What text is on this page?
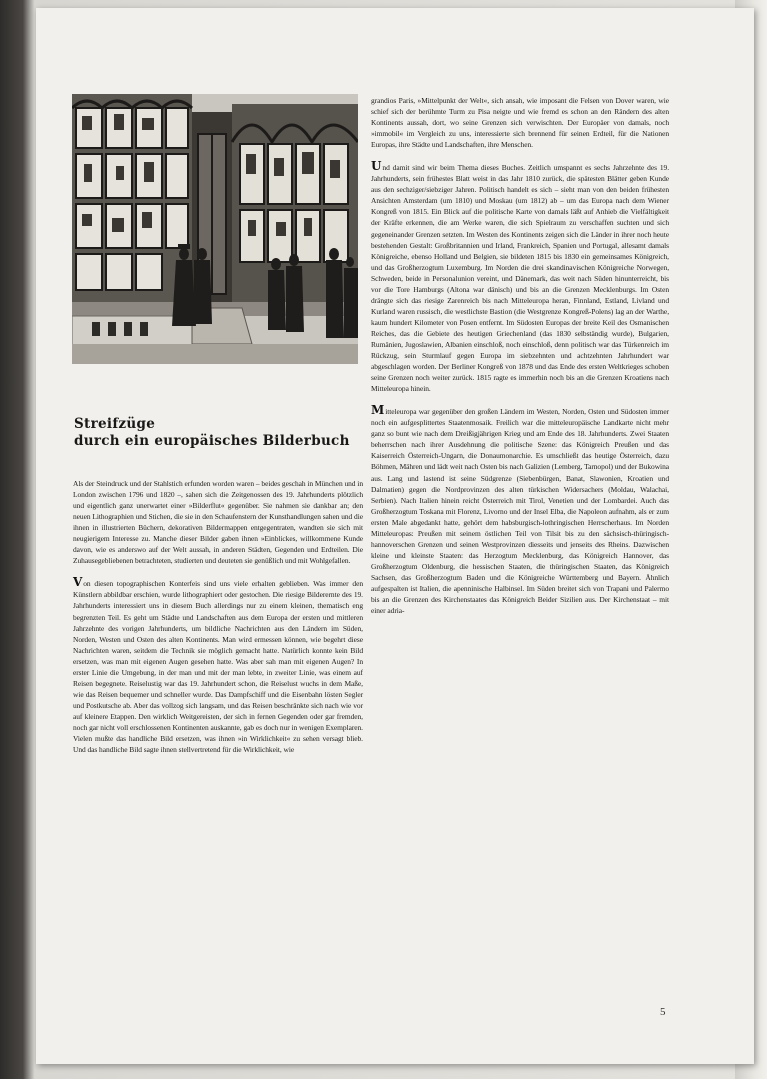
Streifzüge
durch ein europäisches Bilderbuch

Als der Steindruck und der Stahlstich erfunden worden waren – beides geschah in München und in London zwischen 1796 und 1820 –, sahen sich die Zeitgenossen des 19. Jahrhunderts plötzlich und eigentlich ganz unerwartet einer »Bilderflut« gegenüber. Sie nahmen sie dankbar an; den neuen Lithographien und Stichen, die sie in den Schaufenstern der Kunsthandlungen sahen und die ihnen in illustrierten Büchern, dekorativen Bildermappen entgegentraten, wandten sie sich mit neugierigem Interesse zu. Manche dieser Bilder gaben ihnen »Einblickes, willkommene Kunde davon, wie es anderswo auf der Welt aussah, in anderen Städten, Gegenden und Erdteilen. Die Zuhausegebliebenen betrachteten, studierten und deuteten sie genüßlich und mit Wohlgefallen.

Von diesen topographischen Konterfeis sind uns viele erhalten geblieben. Was immer den Künstlern abbildbar erschien, wurde lithographiert oder gestochen. Die riesige Bilderernte des 19. Jahrhunderts interessiert uns in diesem Buch allerdings nur zu einem kleinen, thematisch eng begrenzten Teil. Es geht um Städte und Landschaften aus dem Europa der ersten und mittleren Jahrzehnte des vorigen Jahrhunderts, um bildliche Nachrichten aus den Ländern im Süden, Norden, Westen und Osten des alten Kontinents. Man wird ermessen können, wie begehrt diese Nachrichten waren, seitdem die Technik sie möglich gemacht hatte. Natürlich konnte kein Bild ersetzen, was man mit eigenen Augen gesehen hatte. Was aber sah man mit eigenen Augen? In erster Linie die Umgebung, in der man und mit der man lebte, in zweiter Linie, was einem auf Reisen begegnete. Reiselustig war das 19. Jahrhundert schon, die Reiselust wuchs in dem Maße, wie das Reisen bequemer und schneller wurde. Das Dampfschiff und die Eisenbahn lösten Segler und Postkutsche ab. Aber das vollzog sich langsam, und das Reisen beschränkte sich nach wie vor auf kleinere Etappen. Den wirklich Weitgereisten, der sich in fernen Gegenden oder gar fremden, noch gar nicht voll erschlossenen Kontinenten auskannte, gab es doch nur in wenigen Exemplaren. Vielen mußte das handliche Bild ersetzen, was ihnen »in Wirklichkeit« zu sehen versagt blieb. Und das handliche Bild sagte ihnen stellvertretend für die Wirklichkeit, wie

grandios Paris, »Mittelpunkt der Welt«, sich ansah, wie imposant die Felsen von Dover waren, wie schief sich der berühmte Turm zu Pisa neigte und wie fremd es schon an den Rändern des alten Kontinents aussah, dort, wo seine Grenzen sich verwischten. Der Europäer von damals, noch »immobil« im Vergleich zu uns, interessierte sich brennend für seinen Erdteil, für die Nationen Europas, ihre Städte und Landschaften, ihre Menschen.

Und damit sind wir beim Thema dieses Buches. Zeitlich umspannt es sechs Jahrzehnte des 19. Jahrhunderts, sein frühestes Blatt weist in das Jahr 1810 zurück, die spätesten Blätter geben Kunde aus den sechziger/siebziger Jahren. Politisch handelt es sich – sieht man von den beiden frühesten Ansichten Amsterdam (um 1810) und Moskau (um 1812) ab – um das Europa nach dem Wiener Kongreß von 1815. Ein Blick auf die politische Karte von damals läßt auf Anhieb die Vielfältigkeit der Kräfte erkennen, die am Werke waren, die sich Spielraum zu verschaffen suchten und sich gegeneinander Grenzen setzten. Im Westen des Kontinents zeigen sich die Länder in ihrer noch heute bestehenden Gestalt: Großbritannien und Irland, Frankreich, Spanien und Portugal, allesamt damals Königreiche, ebenso Holland und Belgien, sie bildeten 1815 bis 1830 ein gemeinsames Königreich, und das Großherzogtum Luxemburg. Im Norden die drei skandinavischen Königreiche Norwegen, Schweden, beide in Personalunion vereint, und Dänemark, das weit nach Süden hinunterreicht, bis vor die Tore Hamburgs (Altona war dänisch) und bis an die Grenzen Mecklenburgs. Im Osten drängte sich das riesige Zarenreich bis nach Mitteleuropa heran, Finnland, Estland, Livland und Kurland waren russisch, die westlichste Bastion (die Westgrenze Kongreß-Polens) lag an der Warthe, kaum hundert Kilometer von Posen entfernt. Im Südosten Europas der breite Keil des Osmanischen Reiches, das die Gebiete des heutigen Griechenland (das 1830 selbständig wurde), Bulgarien, Rumänien, Jugoslawien, Albanien einschloß, noch einschloß, denn politisch war das Türkenreich im Rückzug, sein Sturmlauf gegen Europa im siebzehnten und achtzehnten Jahrhundert war abgeschlagen worden. Der Berliner Kongreß von 1878 und das Ende des ersten Weltkrieges schoben seine Grenzen noch weiter zurück. 1815 ragte es immerhin noch bis an die Grenzen Kroatiens nach Mitteleuropa hinein.

Mitteleuropa war gegenüber den großen Ländern im Westen, Norden, Osten und Südosten immer noch ein aufgesplittertes Staatenmosaik. Freilich war die mitteleuropäische Landkarte nicht mehr ganz so bunt wie nach dem Dreißigjährigen Krieg und am Ende des 18. Jahrhunderts. Zwei Staaten beherrschen nach ihrer Ausdehnung die politische Szene: das Königreich Preußen und das Kaiserreich Österreich-Ungarn, die Donaumonarchie. Es umschließt das heutige Österreich, dazu Böhmen, Mähren und lädt weit nach Osten bis nach Galizien (Lemberg, Tarnopol) und der Bukowina aus. Lang und lastend ist seine Südgrenze (Siebenbürgen, Banat, Slawonien, Kroatien und Dalmatien) gegen die Nordprovinzen des alten türkischen Widersachers (Moldau, Walachai, Serbien). Nach Italien hinein reicht Österreich mit Tirol, Venetien und der Lombardei. Auch das Großherzogtum Toskana mit Florenz, Livorno und der Insel Elba, die Napoleon aufnahm, als er zum ersten Male abgedankt hatte, gehört dem habsburgisch-lothringischen Herrscherhaus. Im Norden Mitteleuropas: Preußen mit seinem östlichen Teil von Tilsit bis zu den sächsisch-thüringisch-hannoverschen Grenzen und seinen Westprovinzen diesseits und jenseits des Rheins. Dazwischen kleine und kleinste Staaten: das Herzogtum Mecklenburg, das Königreich Hannover, das Großherzogtum Oldenburg, die hessischen Staaten, die thüringischen Staaten, das Königreich Sachsen, das Großherzogtum Baden und die Königreiche Württemberg und Bayern. Ähnlich aufgespalten ist Italien, die apenninische Halbinsel. Im Süden breitet sich von Trapani und Palermo bis an die Grenzen des Kirchenstaates das Königreich Beider Sizilien aus. Der Kirchenstaat – mit einer adria-

5
